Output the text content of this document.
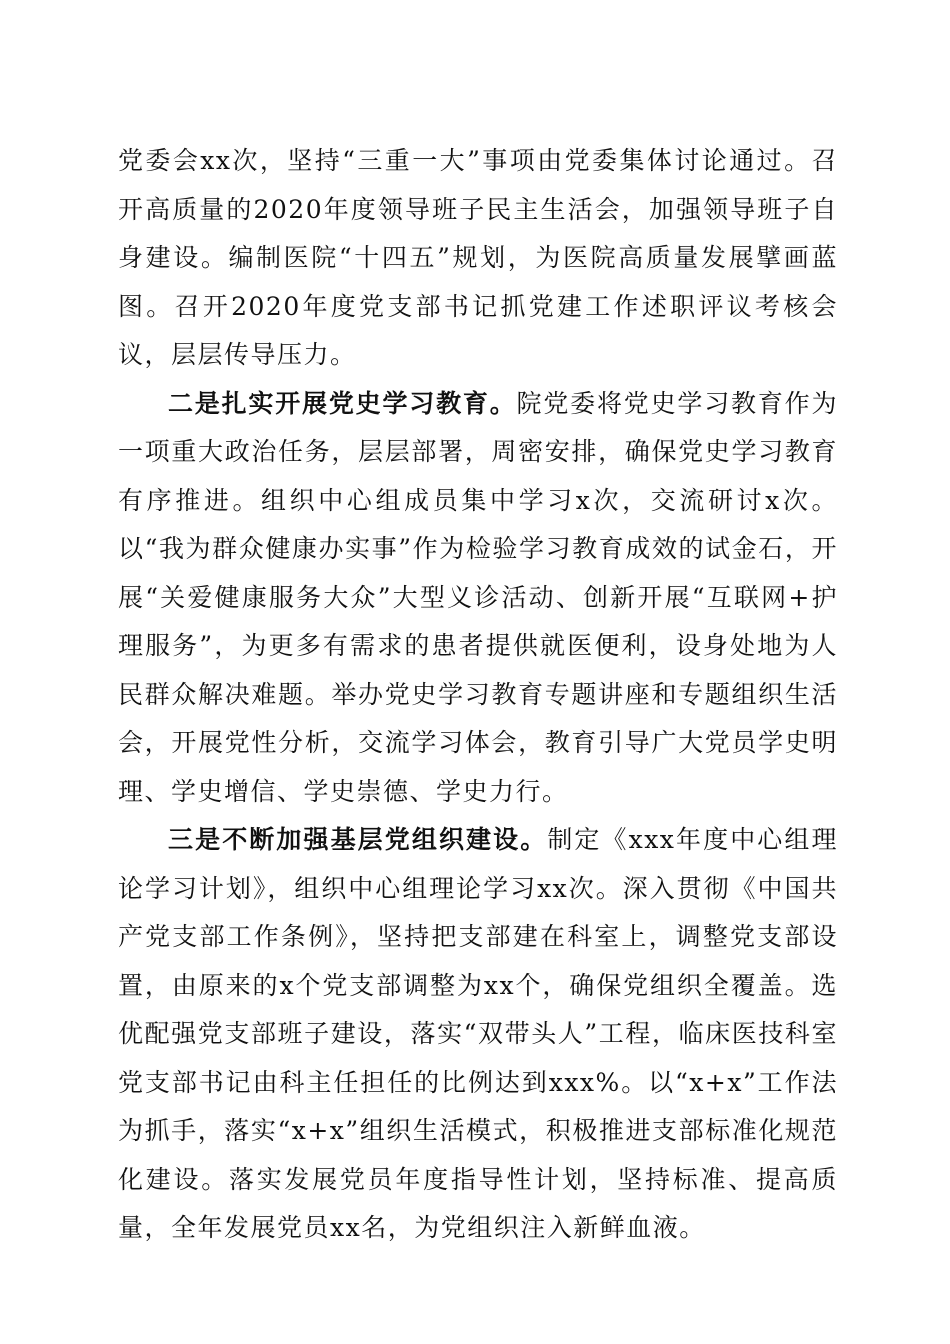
党委会xx次，坚持“三重一大”事项由党委集体讨论通过。召开高质量的2020年度领导班子民主生活会，加强领导班子自身建设。编制医院“十四五”规划，为医院高质量发展擘画蓝图。召开2020年度党支部书记抓党建工作述职评议考核会议，层层传导压力。

二是扎实开展党史学习教育。院党委将党史学习教育作为一项重大政治任务，层层部署，周密安排，确保党史学习教育有序推进。组织中心组成员集中学习x次，交流研讨x次。以“我为群众健康办实事”作为检验学习教育成效的试金石，开展“关爱健康服务大众”大型义诊活动、创新开展“互联网+护理服务”，为更多有需求的患者提供就医便利，设身处地为人民群众解决难题。举办党史学习教育专题讲座和专题组织生活会，开展党性分析，交流学习体会，教育引导广大党员学史明理、学史增信、学史崇德、学史力行。

三是不断加强基层党组织建设。制定《xxx年度中心组理论学习计划》，组织中心组理论学习xx次。深入贯彻《中国共产党支部工作条例》，坚持把支部建在科室上，调整党支部设置，由原来的x个党支部调整为xx个，确保党组织全覆盖。选优配强党支部班子建设，落实“双带头人”工程，临床医技科室党支部书记由科主任担任的比例达到xxx%。以“x+x”工作法为抓手，落实“x+x”组织生活模式，积极推进支部标准化规范化建设。落实发展党员年度指导性计划，坚持标准、提高质量，全年发展党员xx名，为党组织注入新鲜血液。
